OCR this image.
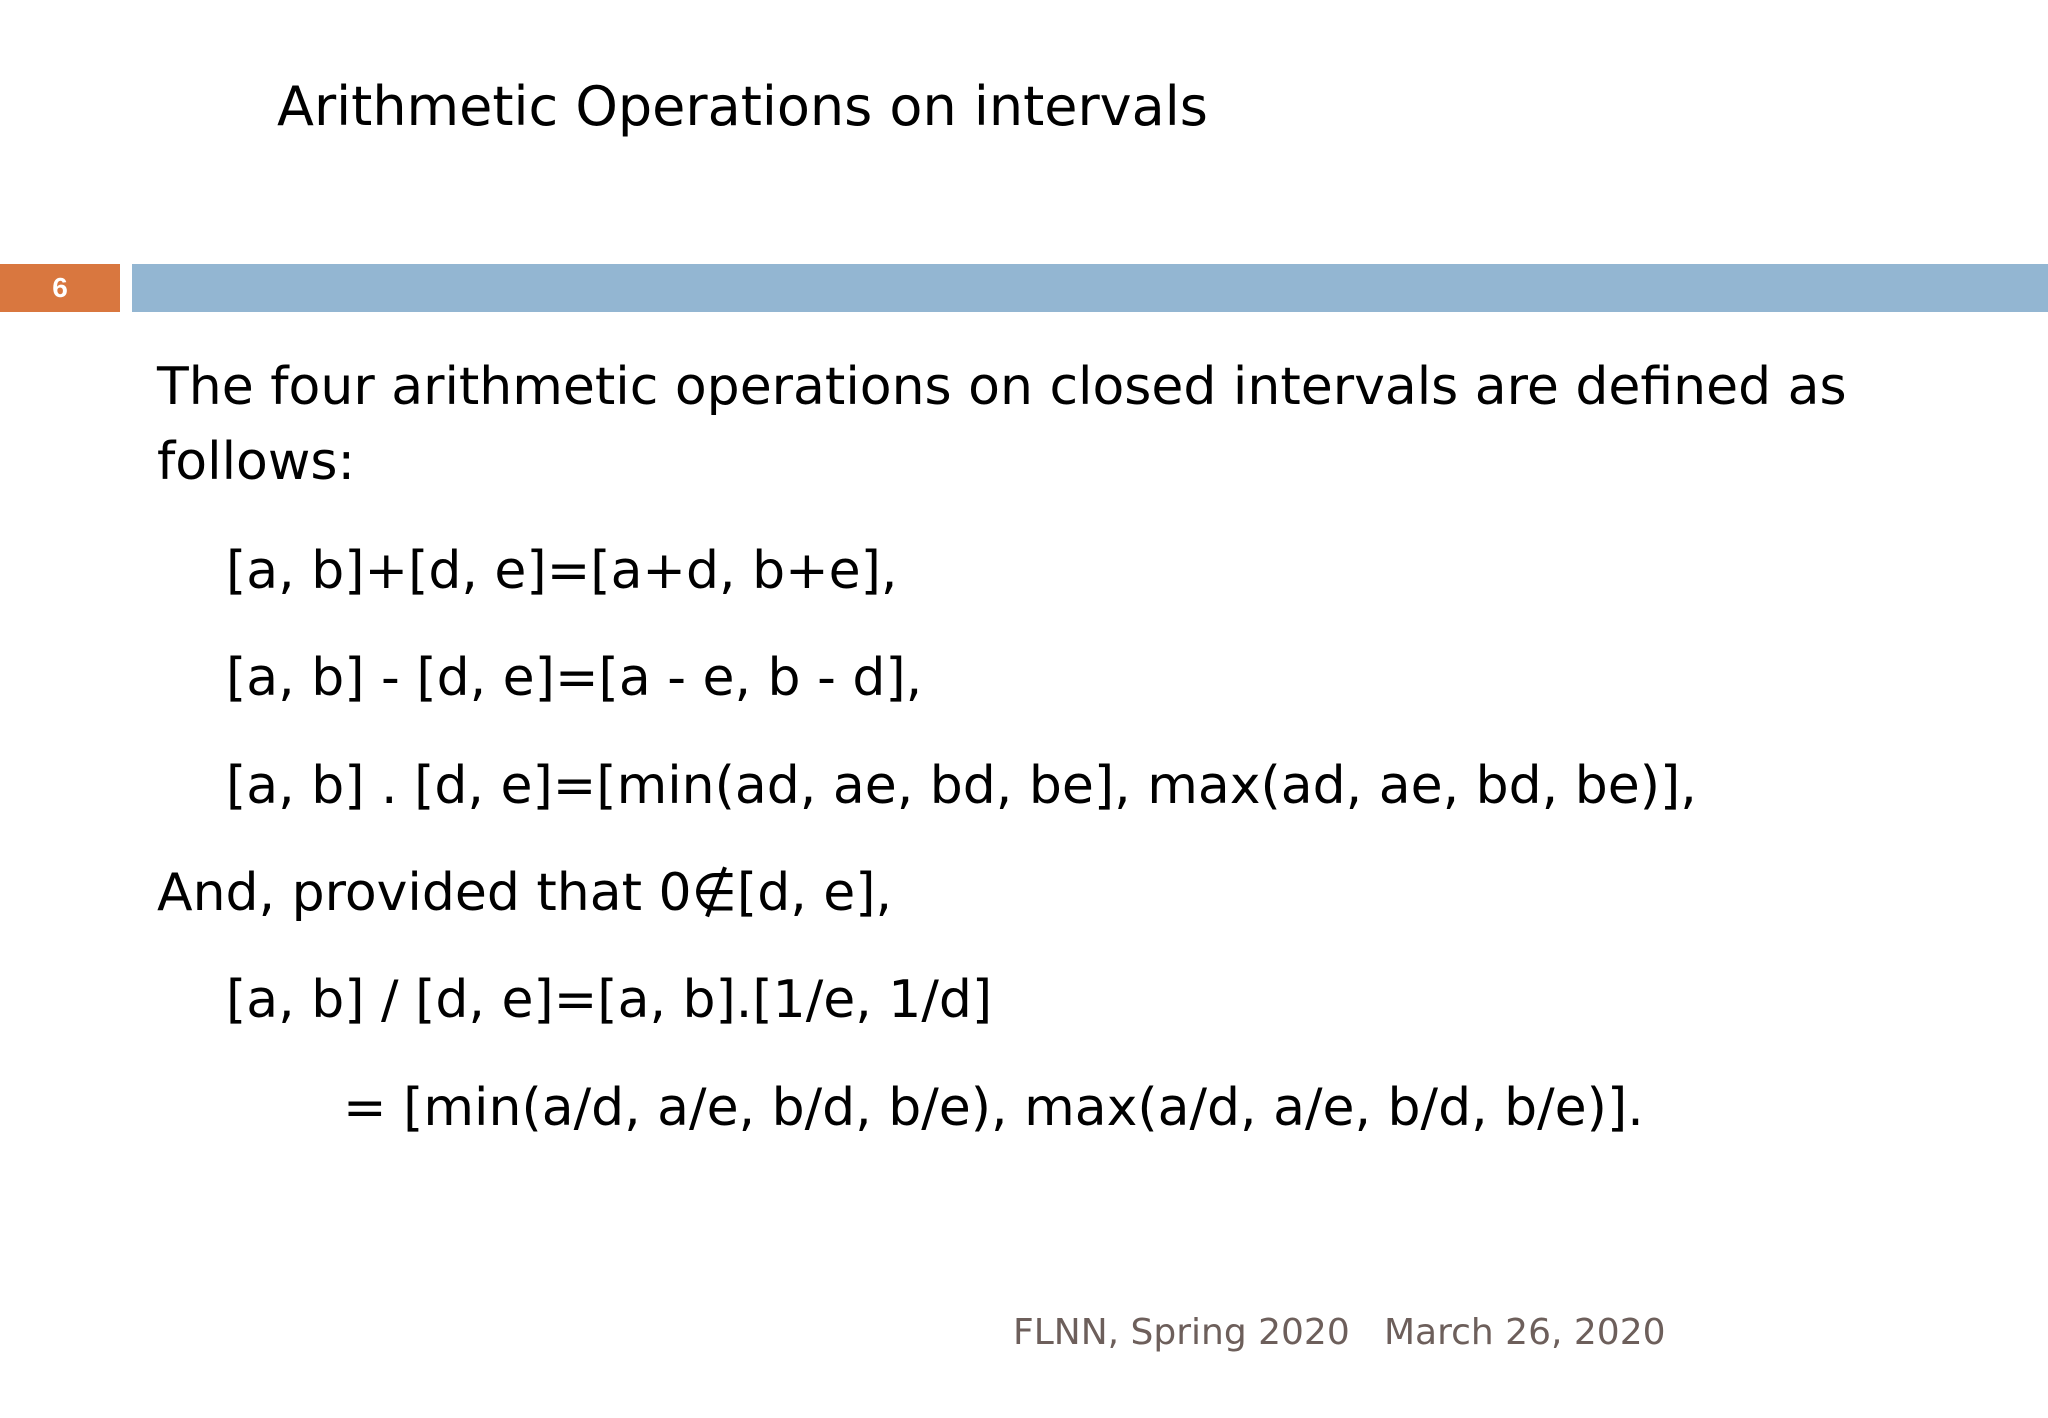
Arithmetic Operations on intervals
6
The four arithmetic operations on closed intervals are defined as
follows:
[a, b]+[d, e]=[a+d, b+e],
[a, b] - [d, e]=[a - e, b - d],
[a, b] . [d, e]=[min(ad, ae, bd, be], max(ad, ae, bd, be)],
And, provided that 0∉[d, e],
[a, b] / [d, e]=[a, b].[1/e, 1/d]
= [min(a/d, a/e, b/d, b/e), max(a/d, a/e, b/d, b/e)].
FLNN, Spring 2020 March 26, 2020
